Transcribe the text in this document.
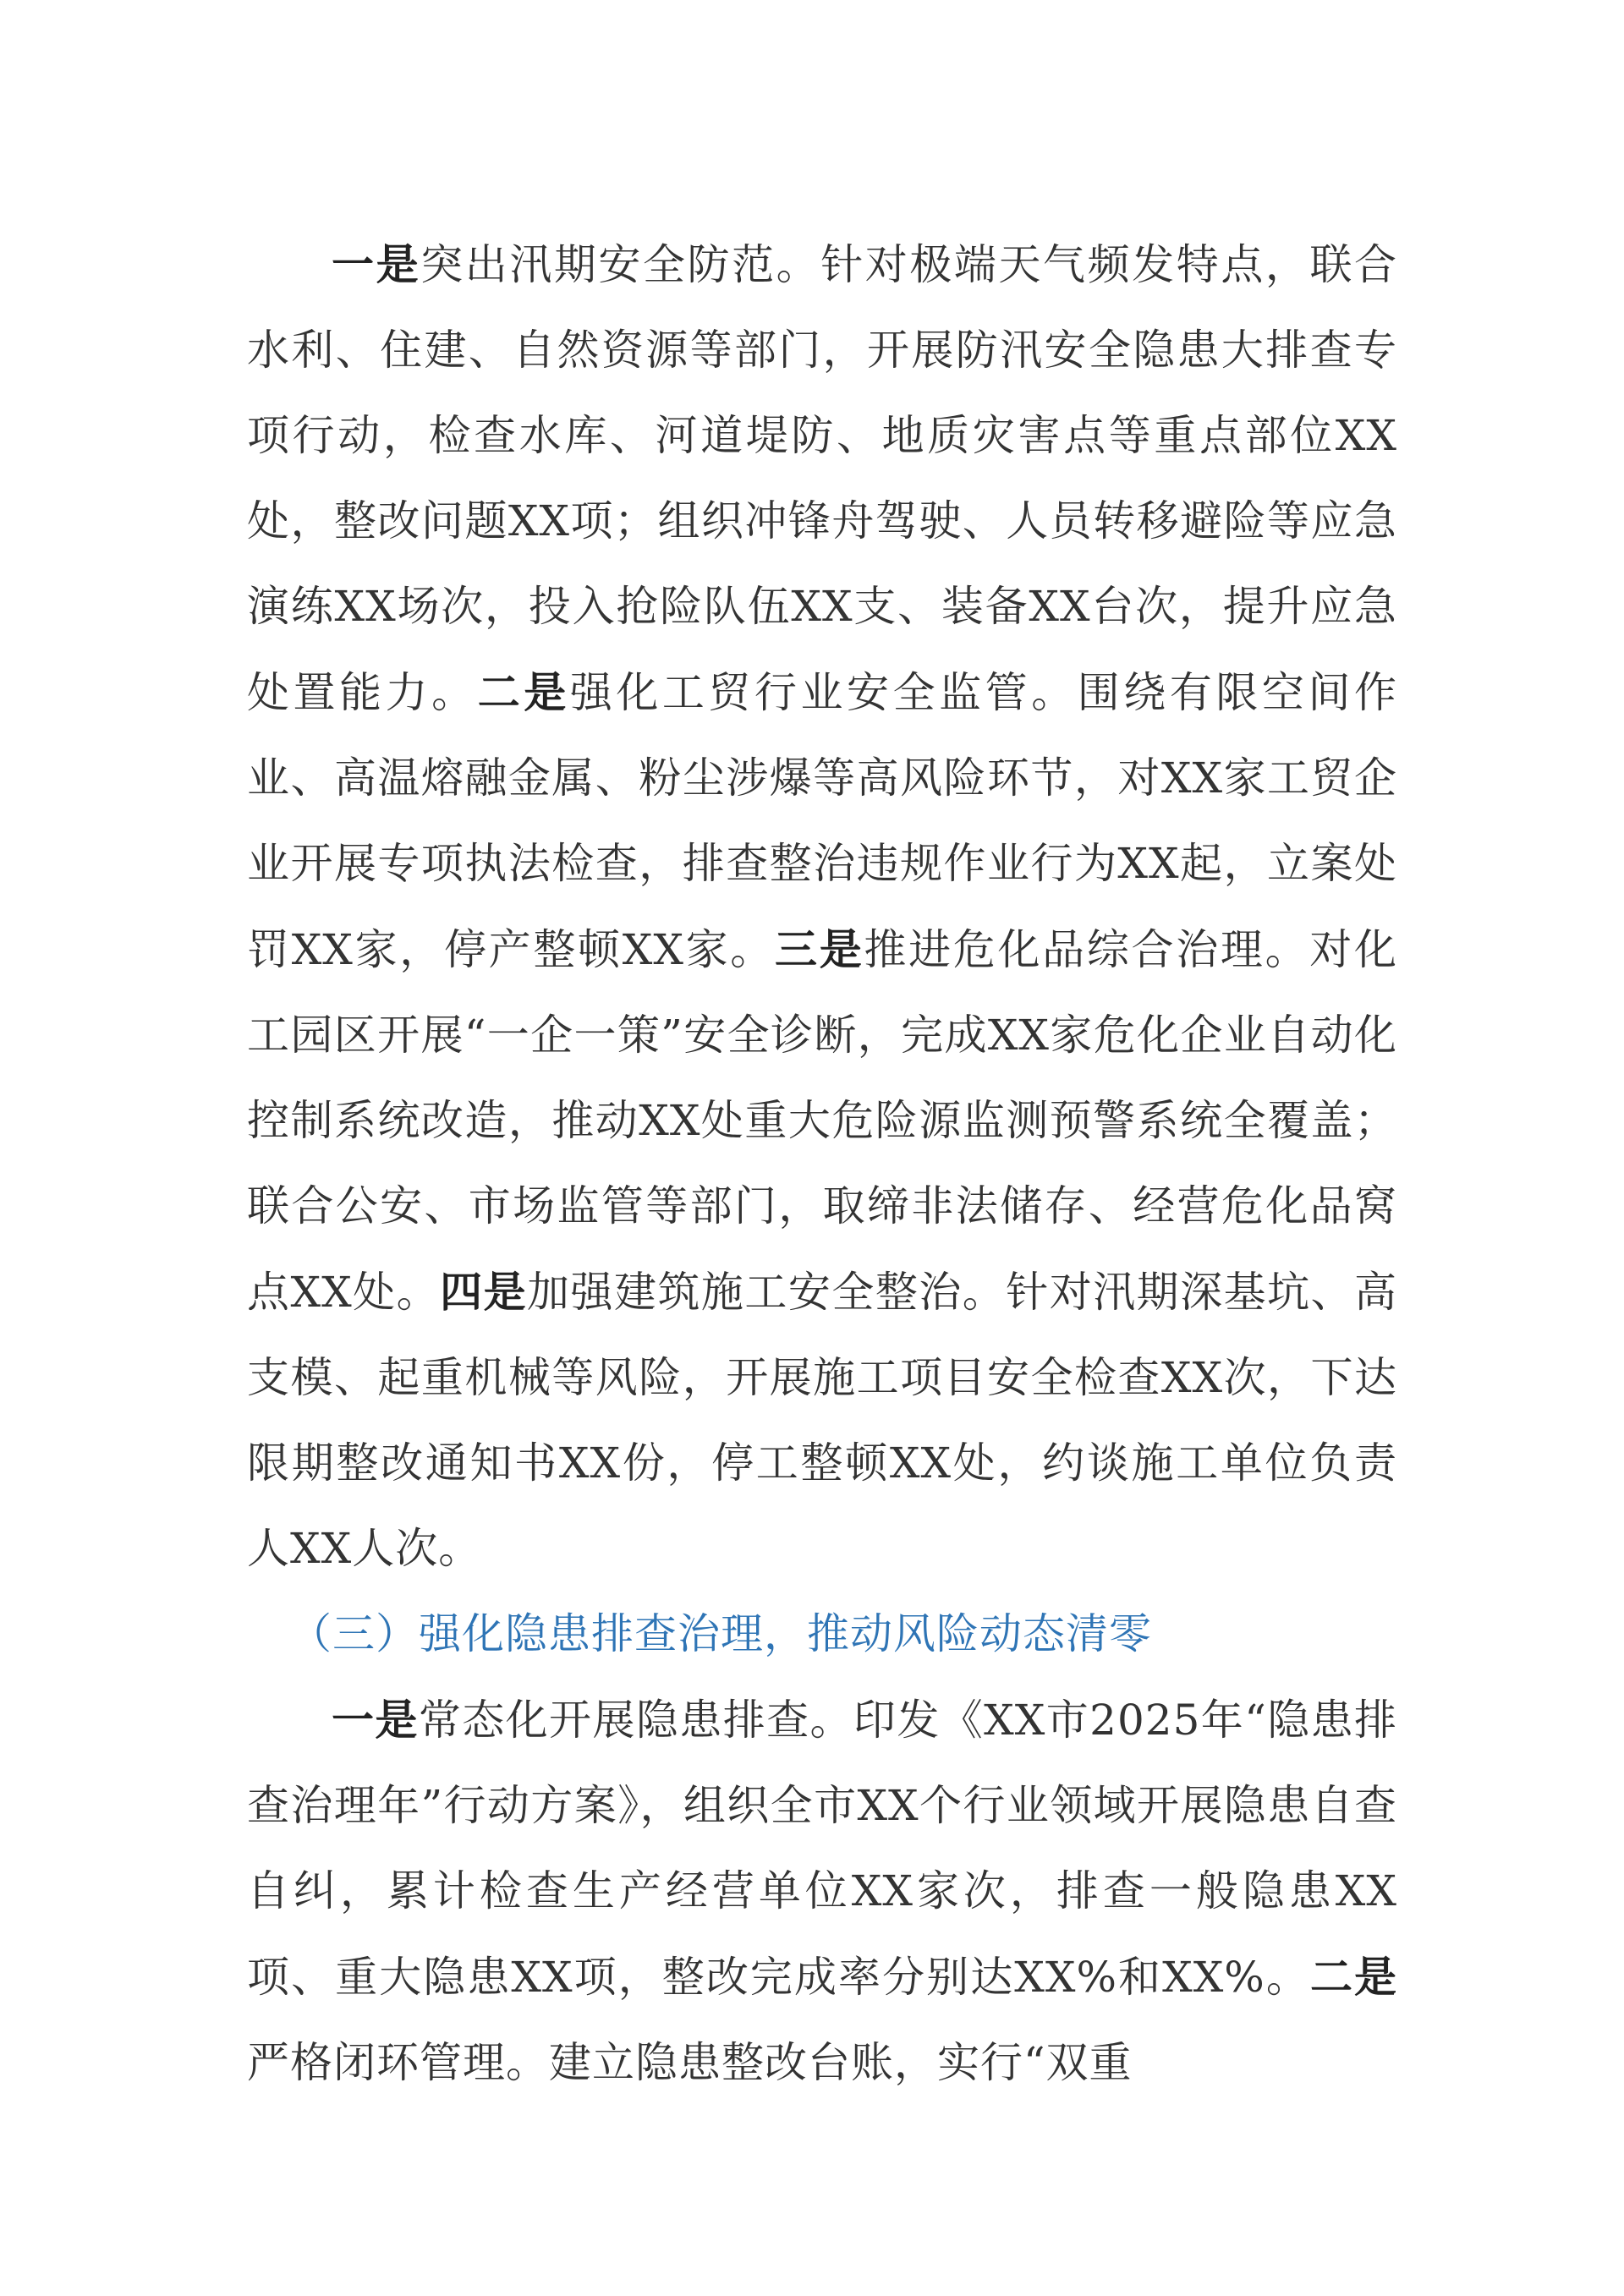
一是突出汛期安全防范。针对极端天气频发特点，联合水利、住建、自然资源等部门，开展防汛安全隐患大排查专项行动，检查水库、河道堤防、地质灾害点等重点部位XX处，整改问题XX项；组织冲锋舟驾驶、人员转移避险等应急演练XX场次，投入抢险队伍XX支、装备XX台次，提升应急处置能力。二是强化工贸行业安全监管。围绕有限空间作业、高温熔融金属、粉尘涉爆等高风险环节，对XX家工贸企业开展专项执法检查，排查整治违规作业行为XX起，立案处罚XX家，停产整顿XX家。三是推进危化品综合治理。对化工园区开展“一企一策”安全诊断，完成XX家危化企业自动化控制系统改造，推动XX处重大危险源监测预警系统全覆盖；联合公安、市场监管等部门，取缔非法储存、经营危化品窝点XX处。四是加强建筑施工安全整治。针对汛期深基坑、高支模、起重机械等风险，开展施工项目安全检查XX次，下达限期整改通知书XX份，停工整顿XX处，约谈施工单位负责人XX人次。

（三）强化隐患排查治理，推动风险动态清零

一是常态化开展隐患排查。印发《XX市2025年“隐患排查治理年”行动方案》，组织全市XX个行业领域开展隐患自查自纠，累计检查生产经营单位XX家次，排查一般隐患XX项、重大隐患XX项，整改完成率分别达XX%和XX%。二是严格闭环管理。建立隐患整改台账，实行“双重
